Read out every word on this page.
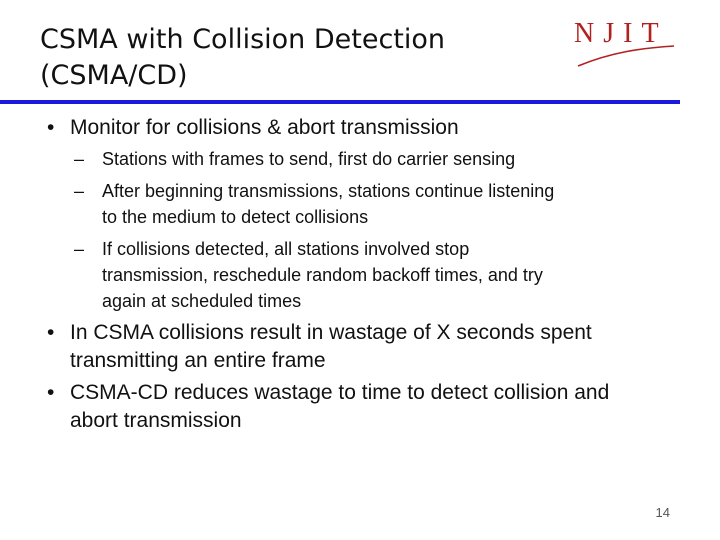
CSMA with Collision Detection
(CSMA/CD)
NJIT
• Monitor for collisions & abort transmission
– Stations with frames to send, first do carrier sensing
– After beginning transmissions, stations continue listening
to the medium to detect collisions
– If collisions detected, all stations involved stop
transmission, reschedule random backoff times, and try
again at scheduled times
• In CSMA collisions result in wastage of X seconds spent
transmitting an entire frame
• CSMA-CD reduces wastage to time to detect collision and
abort transmission
14
